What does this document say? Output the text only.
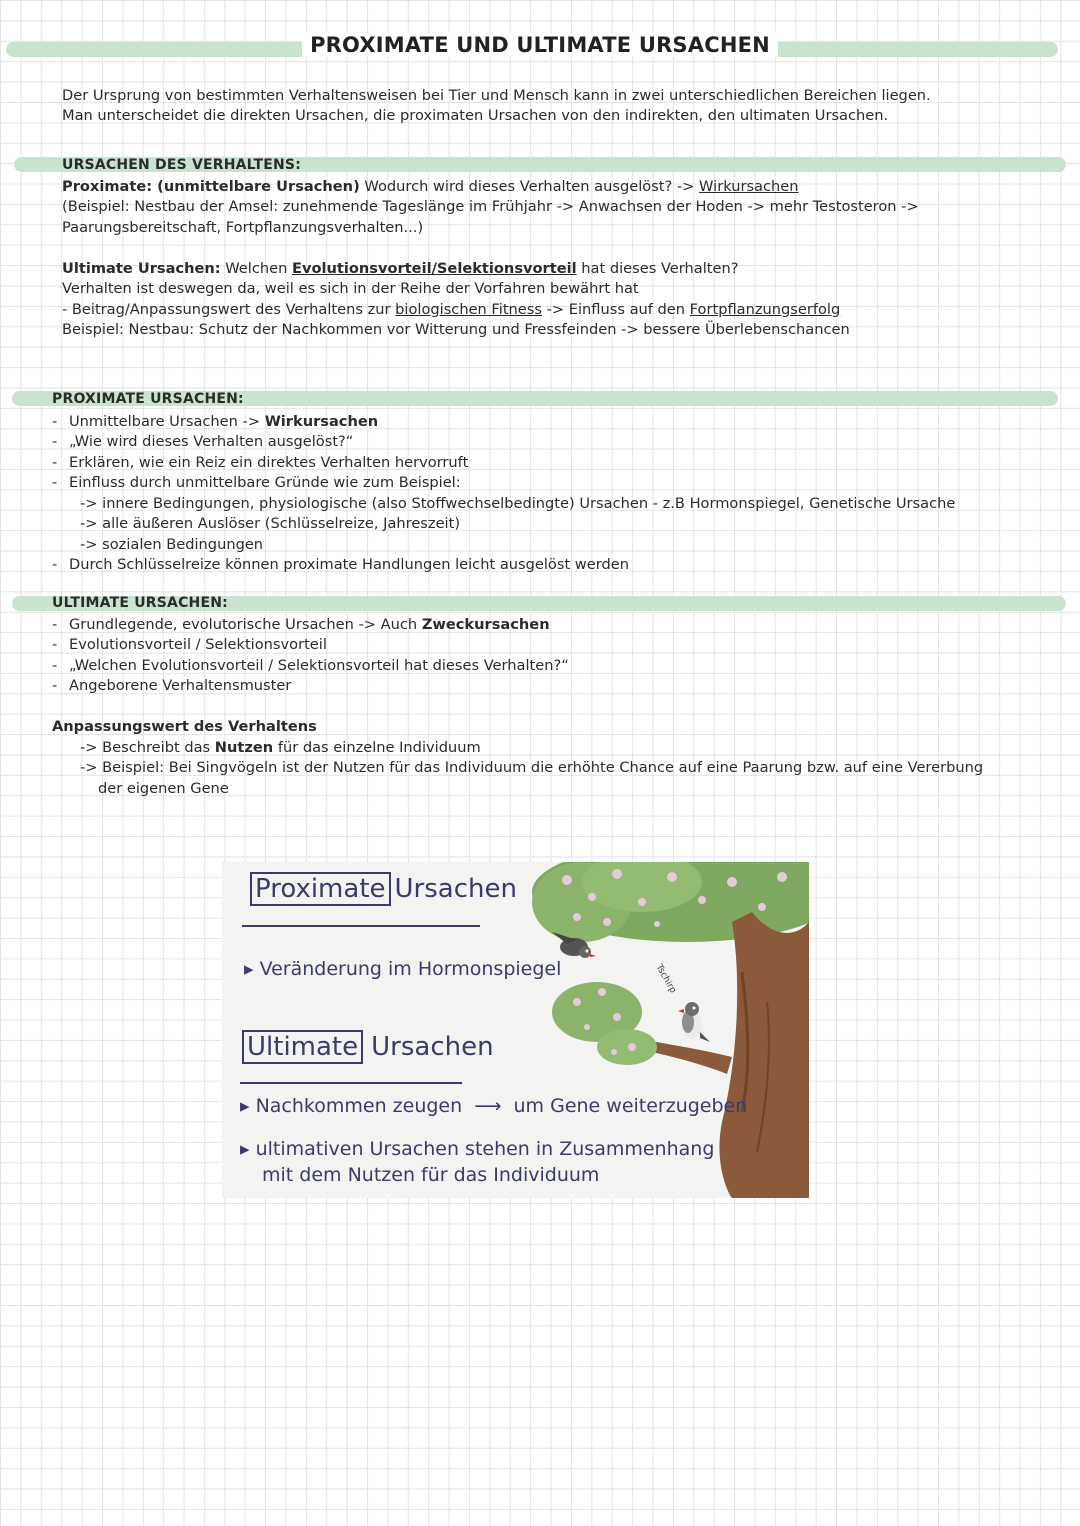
PROXIMATE UND ULTIMATE URSACHEN
Der Ursprung von bestimmten Verhaltensweisen bei Tier und Mensch kann in zwei unterschiedlichen Bereichen liegen.
Man unterscheidet die direkten Ursachen, die proximaten Ursachen von den indirekten, den ultimaten Ursachen.
URSACHEN DES VERHALTENS:
Proximate: (unmittelbare Ursachen) Wodurch wird dieses Verhalten ausgelöst? -> Wirkursachen
(Beispiel: Nestbau der Amsel: zunehmende Tageslänge im Frühjahr -> Anwachsen der Hoden -> mehr Testosteron ->
Paarungsbereitschaft, Fortpflanzungsverhalten...)
Ultimate Ursachen: Welchen Evolutionsvorteil/Selektionsvorteil hat dieses Verhalten?
Verhalten ist deswegen da, weil es sich in der Reihe der Vorfahren bewährt hat
- Beitrag/Anpassungswert des Verhaltens zur biologischen Fitness -> Einfluss auf den Fortpflanzungserfolg
Beispiel: Nestbau: Schutz der Nachkommen vor Witterung und Fressfeinden -> bessere Überlebenschancen
PROXIMATE URSACHEN:
- Unmittelbare Ursachen -> Wirkursachen
- „Wie wird dieses Verhalten ausgelöst?“
- Erklären, wie ein Reiz ein direktes Verhalten hervorruft
- Einfluss durch unmittelbare Gründe wie zum Beispiel:
-> innere Bedingungen, physiologische (also Stoffwechselbedingte) Ursachen - z.B Hormonspiegel, Genetische Ursache
-> alle äußeren Auslöser (Schlüsselreize, Jahreszeit)
-> sozialen Bedingungen
- Durch Schlüsselreize können proximate Handlungen leicht ausgelöst werden
ULTIMATE URSACHEN:
- Grundlegende, evolutorische Ursachen -> Auch Zweckursachen
- Evolutionsvorteil / Selektionsvorteil
- „Welchen Evolutionsvorteil / Selektionsvorteil hat dieses Verhalten?“
- Angeborene Verhaltensmuster
Anpassungswert des Verhaltens
-> Beschreibt das Nutzen für das einzelne Individuum
-> Beispiel: Bei Singvögeln ist der Nutzen für das Individuum die erhöhte Chance auf eine Paarung bzw. auf eine Vererbung
der eigenen Gene
Proximate Ursachen
▸ Veränderung im Hormonspiegel
Ultimate Ursachen
▸ Nachkommen zeugen ⟶ um Gene weiterzugeben
▸ ultimativen Ursachen stehen in Zusammenhang
mit dem Nutzen für das Individuum
Tschirp
